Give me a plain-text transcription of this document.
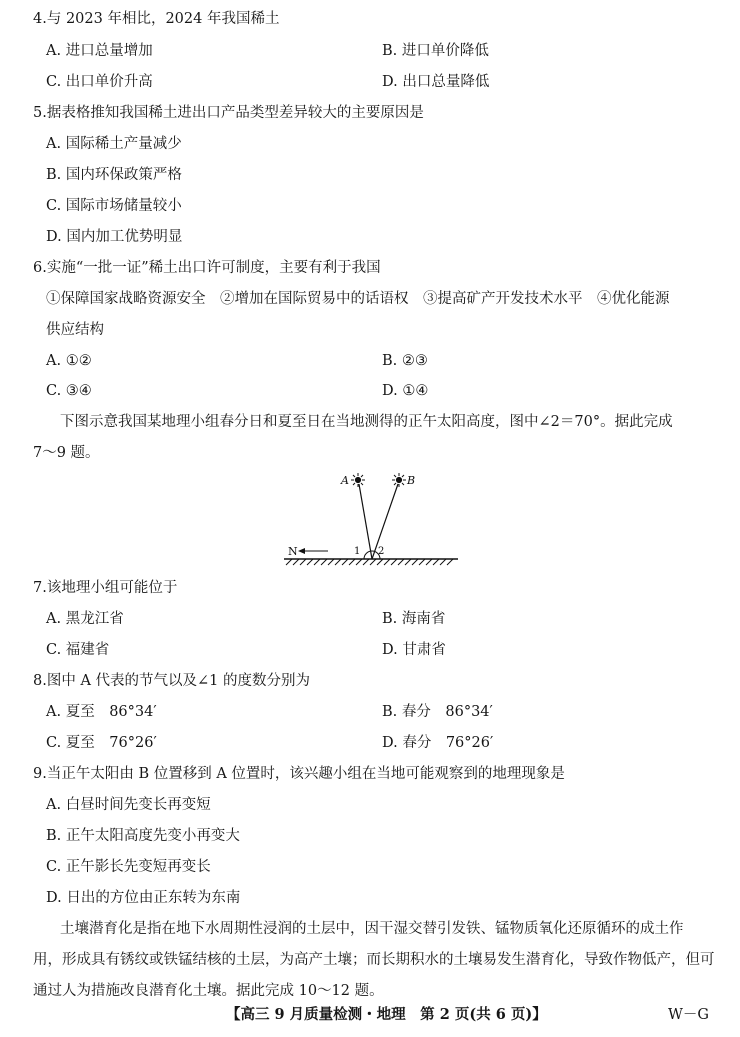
4.与 2023 年相比，2024 年我国稀土
A. 进口总量增加	B. 进口单价降低
C. 出口单价升高	D. 出口总量降低
5.据表格推知我国稀土进出口产品类型差异较大的主要原因是
A. 国际稀土产量减少
B. 国内环保政策严格
C. 国际市场储量较小
D. 国内加工优势明显
6.实施“一批一证”稀土出口许可制度，主要有利于我国
①保障国家战略资源安全　②增加在国际贸易中的话语权　③提高矿产开发技术水平　④优化能源
供应结构
A. ①②	B. ②③
C. ③④	D. ①④
下图示意我国某地理小组春分日和夏至日在当地测得的正午太阳高度，图中∠2＝70°。据此完成
7～9 题。
N
A	B
1 2
7.该地理小组可能位于
A. 黑龙江省	B. 海南省
C. 福建省	D. 甘肃省
8.图中 A 代表的节气以及∠1 的度数分别为
A. 夏至　86°34′	B. 春分　86°34′
C. 夏至　76°26′	D. 春分　76°26′
9.当正午太阳由 B 位置移到 A 位置时，该兴趣小组在当地可能观察到的地理现象是
A. 白昼时间先变长再变短
B. 正午太阳高度先变小再变大
C. 正午影长先变短再变长
D. 日出的方位由正东转为东南
土壤潜育化是指在地下水周期性浸润的土层中，因干湿交替引发铁、锰物质氧化还原循环的成土作
用，形成具有锈纹或铁锰结核的土层，为高产土壤；而长期积水的土壤易发生潜育化，导致作物低产，但可
通过人为措施改良潜育化土壤。据此完成 10～12 题。
【高三 9 月质量检测・地理　第 2 页(共 6 页)】	W－G
